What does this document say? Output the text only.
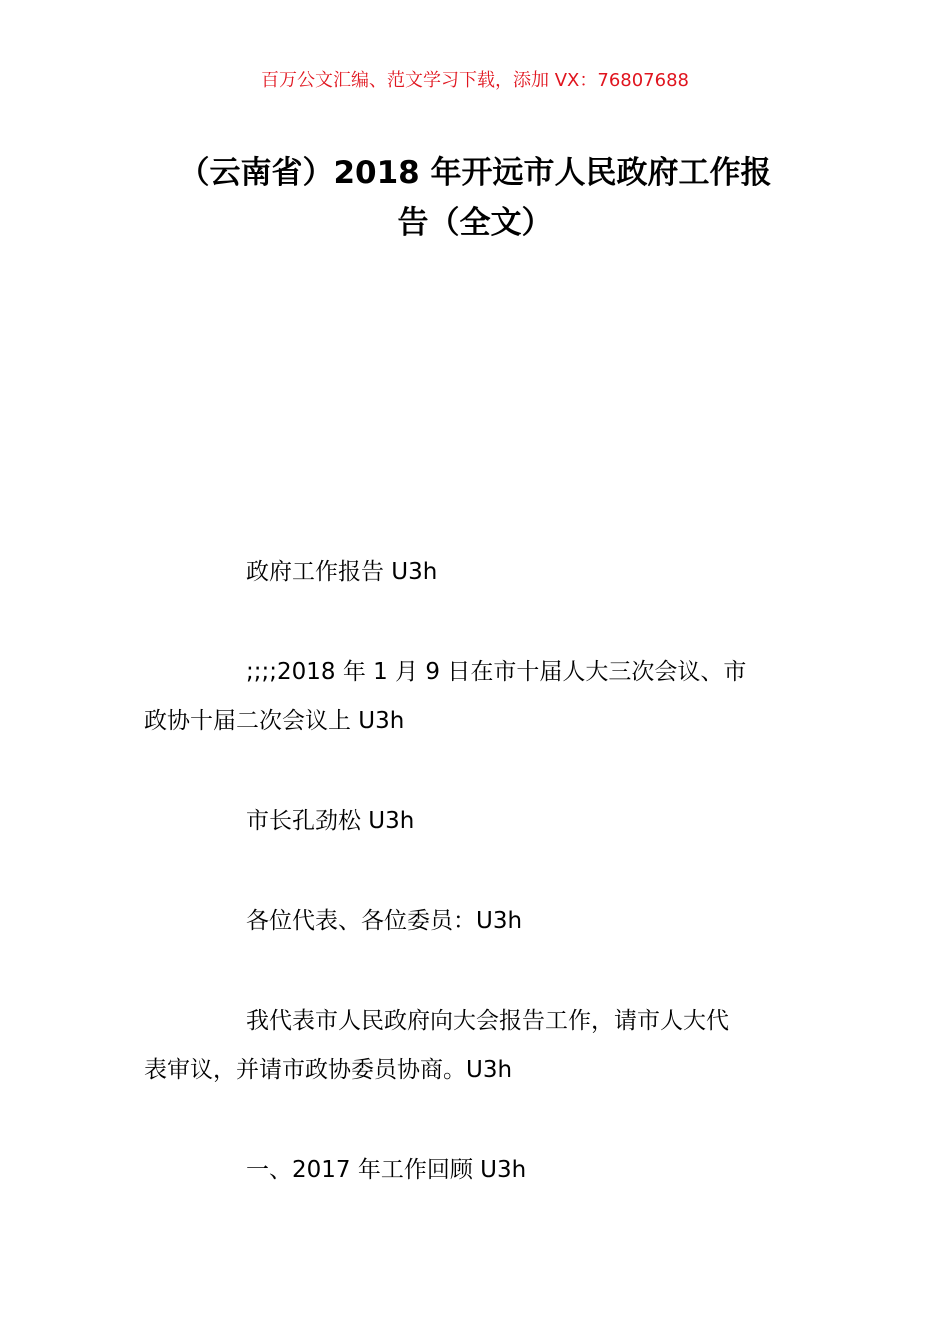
百万公文汇编、范文学习下载，添加 VX：76807688
（云南省）2018 年开远市人民政府工作报
告（全文）

政府工作报告 U3h

;;;;2018 年 1 月 9 日在市十届人大三次会议、市
政协十届二次会议上 U3h

市长孔劲松 U3h

各位代表、各位委员：U3h

我代表市人民政府向大会报告工作，请市人大代
表审议，并请市政协委员协商。U3h

一、2017 年工作回顾 U3h
